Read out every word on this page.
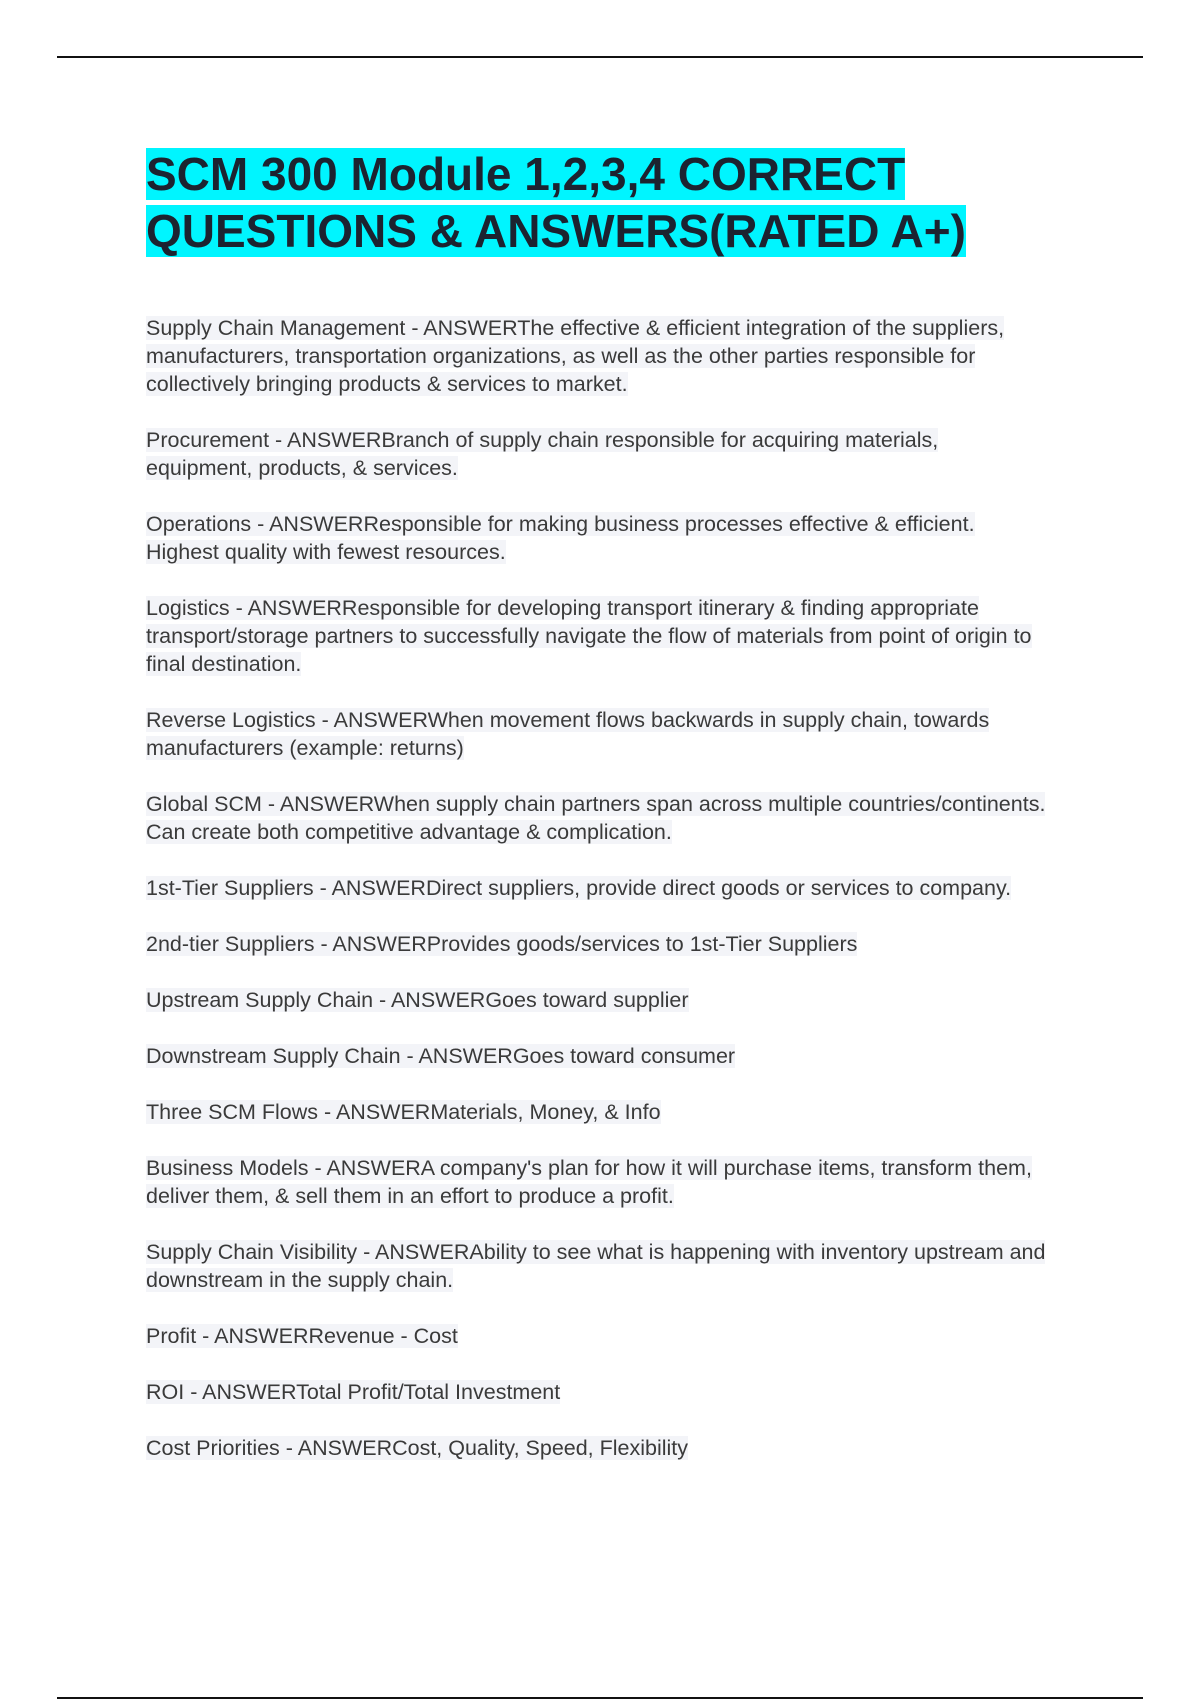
SCM 300 Module 1,2,3,4 CORRECT
QUESTIONS & ANSWERS(RATED A+)

Supply Chain Management - ANSWERThe effective & efficient integration of the suppliers, manufacturers, transportation organizations, as well as the other parties responsible for collectively bringing products & services to market.

Procurement - ANSWERBranch of supply chain responsible for acquiring materials, equipment, products, & services.

Operations - ANSWERResponsible for making business processes effective & efficient. Highest quality with fewest resources.

Logistics - ANSWERResponsible for developing transport itinerary & finding appropriate transport/storage partners to successfully navigate the flow of materials from point of origin to final destination.

Reverse Logistics - ANSWERWhen movement flows backwards in supply chain, towards manufacturers (example: returns)

Global SCM - ANSWERWhen supply chain partners span across multiple countries/continents. Can create both competitive advantage & complication.

1st-Tier Suppliers - ANSWERDirect suppliers, provide direct goods or services to company.

2nd-tier Suppliers - ANSWERProvides goods/services to 1st-Tier Suppliers

Upstream Supply Chain - ANSWERGoes toward supplier

Downstream Supply Chain - ANSWERGoes toward consumer

Three SCM Flows - ANSWERMaterials, Money, & Info

Business Models - ANSWERA company's plan for how it will purchase items, transform them, deliver them, & sell them in an effort to produce a profit.

Supply Chain Visibility - ANSWERAbility to see what is happening with inventory upstream and downstream in the supply chain.

Profit - ANSWERRevenue - Cost

ROI - ANSWERTotal Profit/Total Investment

Cost Priorities - ANSWERCost, Quality, Speed, Flexibility
